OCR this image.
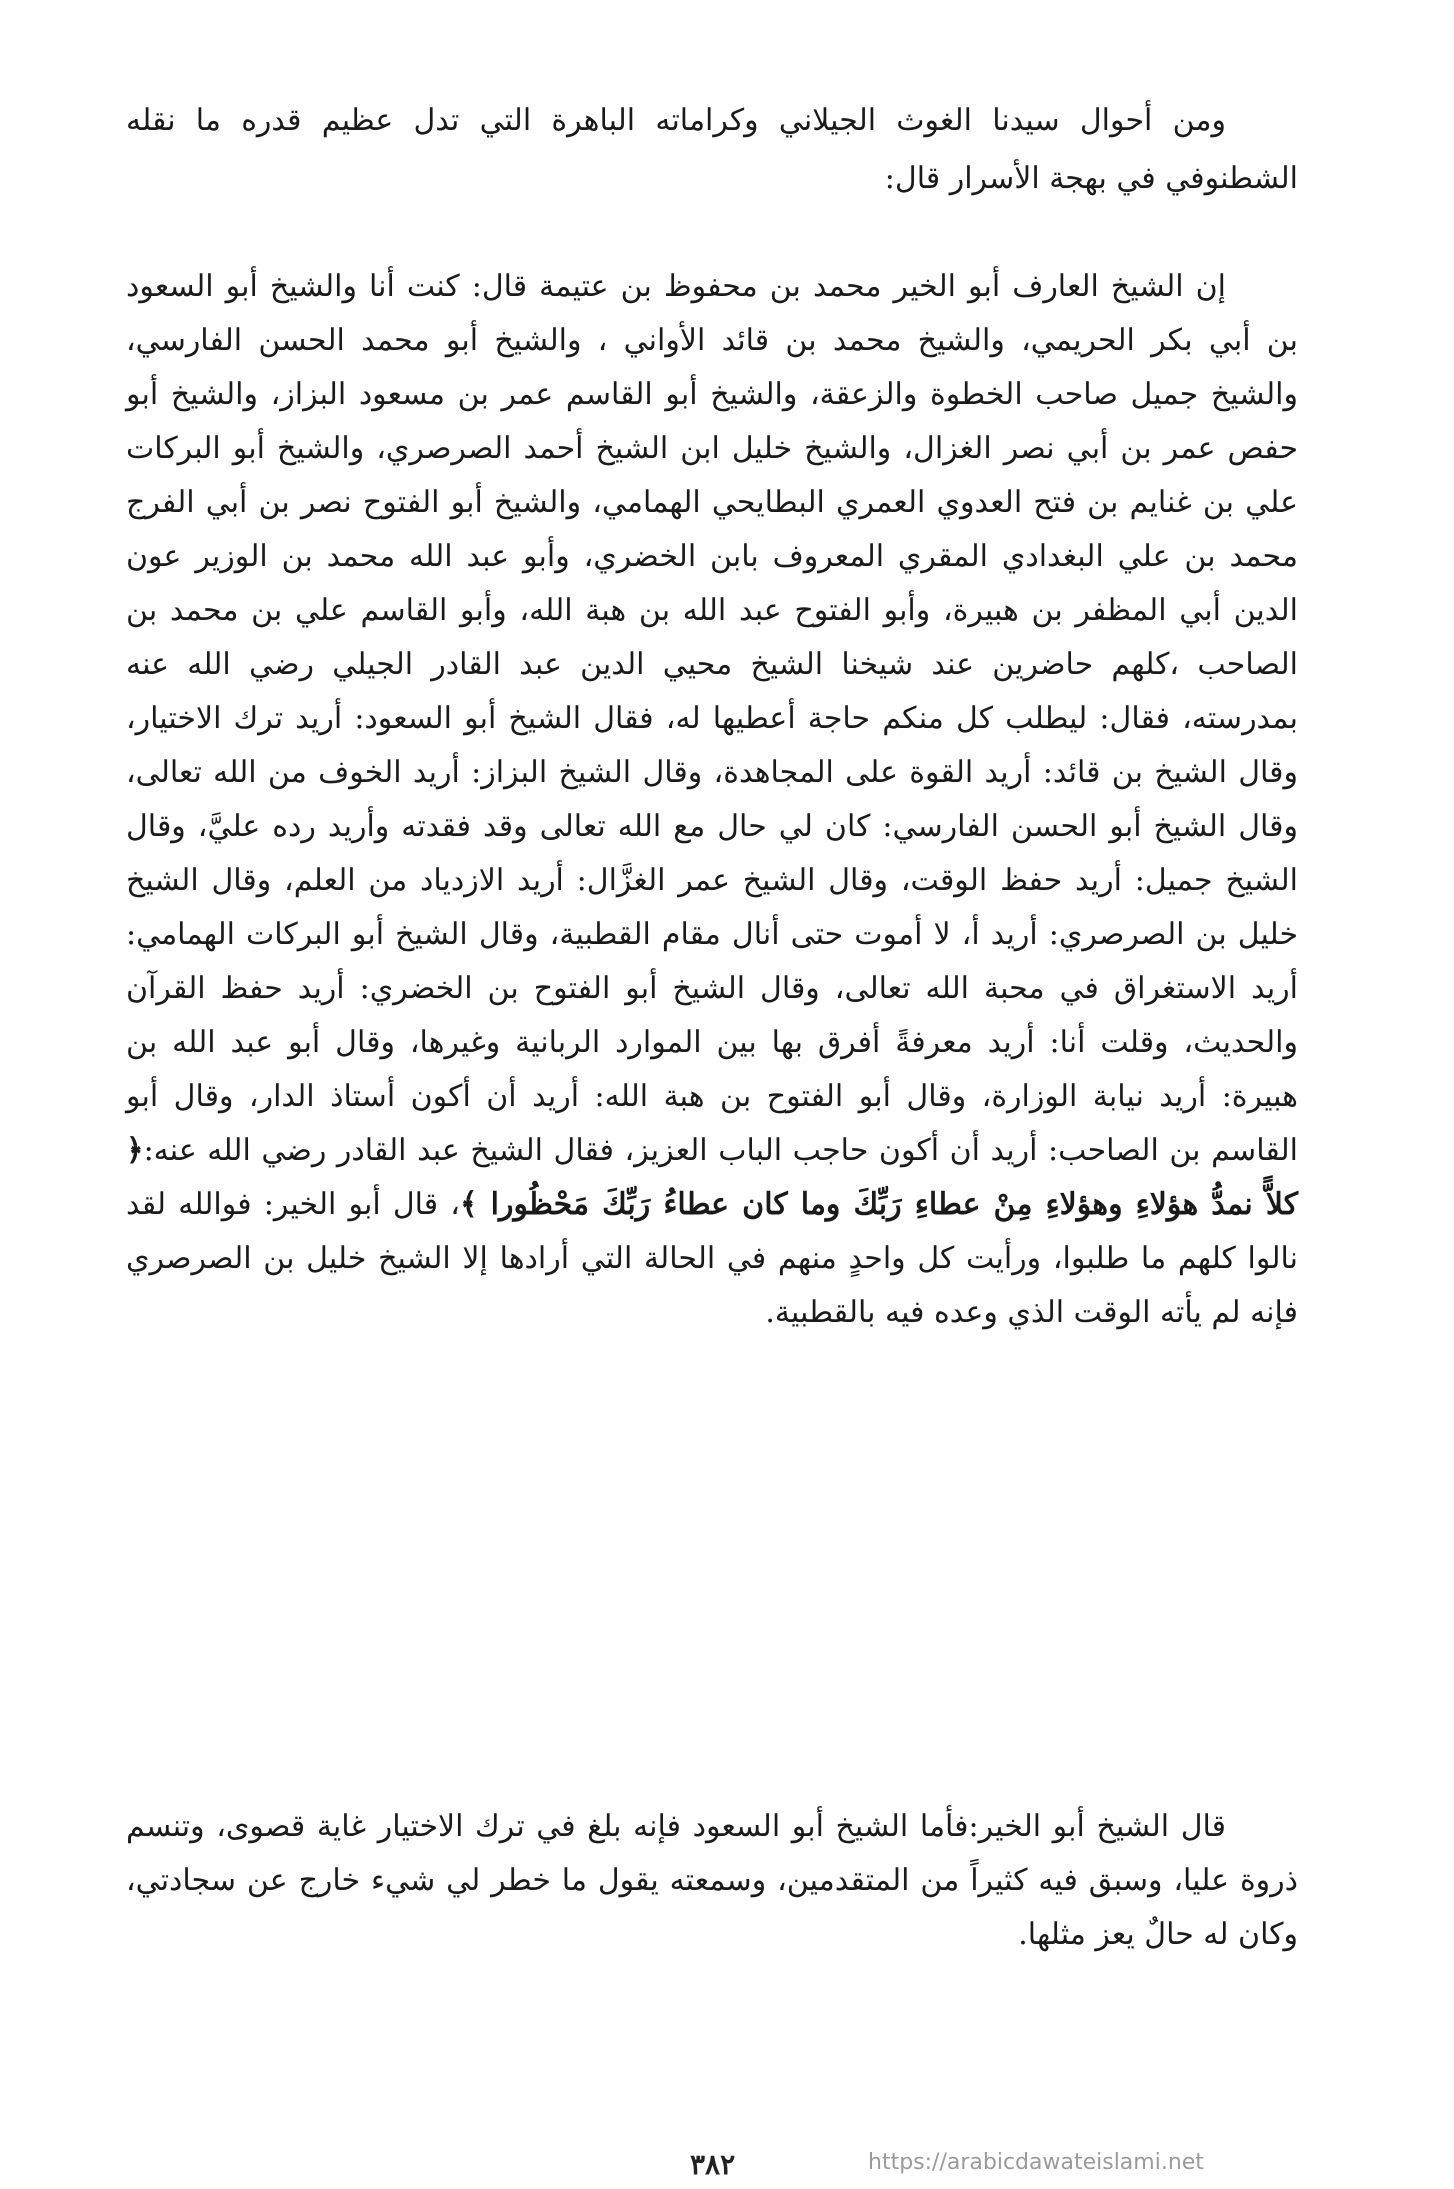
ومن أحوال سيدنا الغوث الجيلاني وكراماته الباهرة التي تدل عظيم قدره ما نقله الشطنوفي في بهجة الأسرار قال:

إن الشيخ العارف أبو الخير محمد بن محفوظ بن عتيمة قال: كنت أنا والشيخ أبو السعود بن أبي بكر الحريمي، والشيخ محمد بن قائد الأواني ، والشيخ أبو محمد الحسن الفارسي، والشيخ جميل صاحب الخطوة والزعقة، والشيخ أبو القاسم عمر بن مسعود البزاز، والشيخ أبو حفص عمر بن أبي نصر الغزال، والشيخ خليل ابن الشيخ أحمد الصرصري، والشيخ أبو البركات علي بن غنايم بن فتح العدوي العمري البطايحي الهمامي، والشيخ أبو الفتوح نصر بن أبي الفرج محمد بن علي البغدادي المقري المعروف بابن الخضري، وأبو عبد الله محمد بن الوزير عون الدين أبي المظفر بن هبيرة، وأبو الفتوح عبد الله بن هبة الله، وأبو القاسم علي بن محمد بن الصاحب ،كلهم حاضرين عند شيخنا الشيخ محيي الدين عبد القادر الجيلي رضي الله عنه بمدرسته، فقال: ليطلب كل منكم حاجة أعطيها له، فقال الشيخ أبو السعود: أريد ترك الاختيار، وقال الشيخ بن قائد: أريد القوة على المجاهدة، وقال الشيخ البزاز: أريد الخوف من الله تعالى، وقال الشيخ أبو الحسن الفارسي: كان لي حال مع الله تعالى وقد فقدته وأريد رده عليَّ، وقال الشيخ جميل: أريد حفظ الوقت، وقال الشيخ عمر الغزَّال: أريد الازدياد من العلم، وقال الشيخ خليل بن الصرصري: أريد أ، لا أموت حتى أنال مقام القطبية، وقال الشيخ أبو البركات الهمامي: أريد الاستغراق في محبة الله تعالى، وقال الشيخ أبو الفتوح بن الخضري: أريد حفظ القرآن والحديث، وقلت أنا: أريد معرفةً أفرق بها بين الموارد الربانية وغيرها، وقال أبو عبد الله بن هبيرة: أريد نيابة الوزارة، وقال أبو الفتوح بن هبة الله: أريد أن أكون أستاذ الدار، وقال أبو القاسم بن الصاحب: أريد أن أكون حاجب الباب العزيز، فقال الشيخ عبد القادر رضي الله عنه:﴿ كلاًّ نمدُّ هؤلاءِ وهؤلاءِ مِنْ عطاءِ رَبِّكَ وما كان عطاءُ رَبِّكَ مَحْظُورا ﴾، قال أبو الخير: فوالله لقد نالوا كلهم ما طلبوا، ورأيت كل واحدٍ منهم في الحالة التي أرادها إلا الشيخ خليل بن الصرصري فإنه لم يأته الوقت الذي وعده فيه بالقطبية.

قال الشيخ أبو الخير:فأما الشيخ أبو السعود فإنه بلغ في ترك الاختيار غاية قصوى، وتنسم ذروة عليا، وسبق فيه كثيراً من المتقدمين، وسمعته يقول ما خطر لي شيء خارج عن سجادتي، وكان له حالٌ يعز مثلها.

٣٨٢	https://arabicdawateislami.net
